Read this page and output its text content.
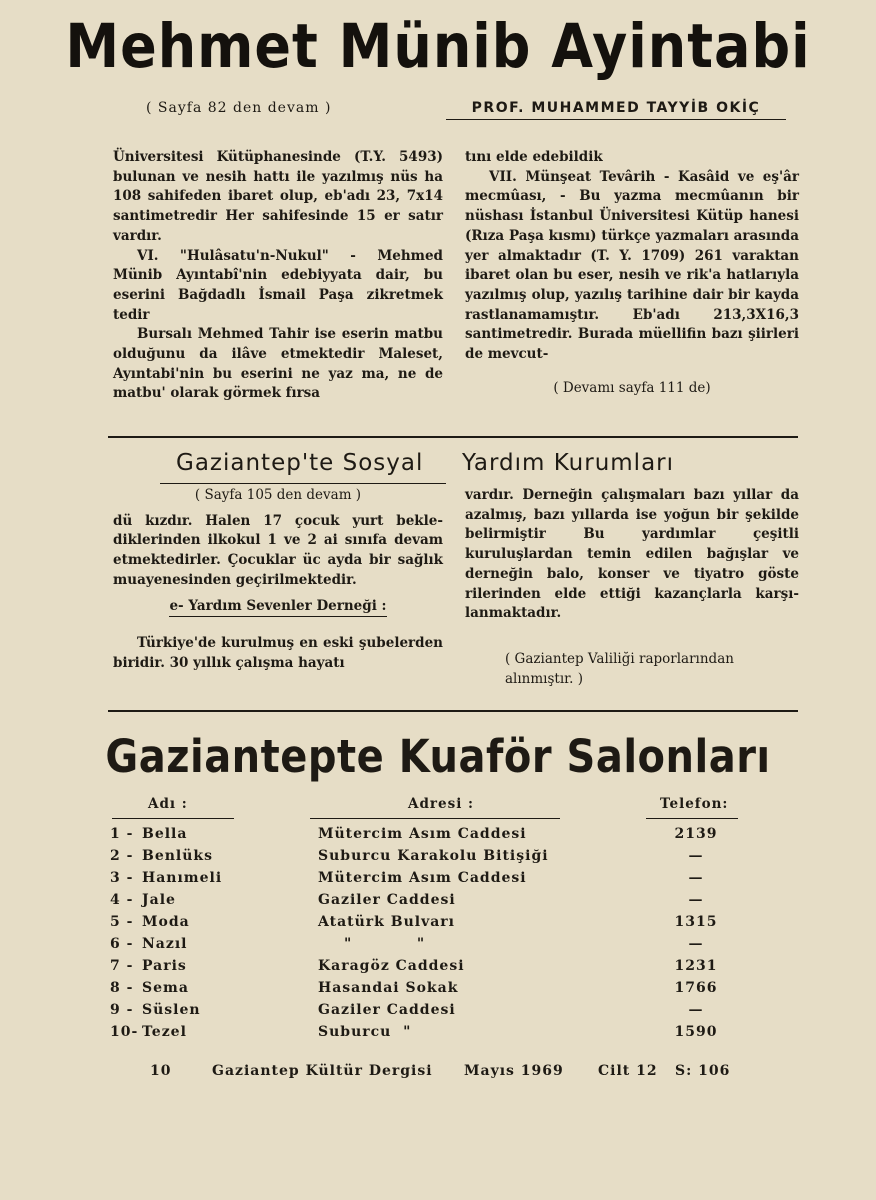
Mehmet Münib Ayintabi
( Sayfa 82 den devam )	PROF. MUHAMMED TAYYİB OKİÇ

Üniversitesi Kütüphanesinde (T.Y. 5493) bulunan ve nesih hattı ile yazılmış nüs ha 108 sahifeden ibaret olup, eb'adı 23, 7x14 santimetredir Her sahifesinde 15 er satır vardır.

VI. "Hulâsatu'n-Nukul" - Mehmed Münib Ayıntabî'nin edebiyyata dair, bu eserini Bağdadlı İsmail Paşa zikretmek tedir

Bursalı Mehmed Tahir ise eserin matbu olduğunu da ilâve etmektedir Maleset, Ayıntabi'nin bu eserini ne yaz ma, ne de matbu' olarak görmek fırsa

tını elde edebildik

VII. Münşeat Tevârih - Kasâid ve eş'âr mecmûası, - Bu yazma mecmûanın bir nüshası İstanbul Üniversitesi Kütüp hanesi (Rıza Paşa kısmı) türkçe yazmaları arasında yer almaktadır (T. Y. 1709) 261 varaktan ibaret olan bu eser, nesih ve rik'a hatlarıyla yazılmış olup, yazılış tarihine dair bir kayda rastlanamamıştır. Eb'adı 213,3X16,3 santimetredir. Burada müellifin bazı şiirleri de mevcut-

( Devamı sayfa 111 de)

Gaziantep'te Sosyal Yardım Kurumları

( Sayfa 105 den devam )

dü kızdır. Halen 17 çocuk yurt beklediklerinden ilkokul 1 ve 2 ai sınıfa devam etmektedirler. Çocuklar üc ayda bir sağlık muayenesinden geçirilmektedir.

e- Yardım Sevenler Derneği :

Türkiye'de kurulmuş en eski şubelerden biridir. 30 yıllık çalışma hayatı

vardır. Derneğin çalışmaları bazı yıllar da azalmış, bazı yıllarda ise yoğun bir şekilde belirmiştir Bu yardımlar çeşitli kuruluşlardan temin edilen bağışlar ve derneğin balo, konser ve tiyatro göste rilerinden elde ettiği kazançlarla karşılanmaktadır.

( Gaziantep Valiliği raporlarından alınmıştır. )

Gaziantepte Kuaför Salonları
Adı :	Adresi :	Telefon:
1 - Bella	Mütercim Asım Caddesi	2139
2 - Benlüks	Suburcu Karakolu Bitişiği	—
3 - Hanımeli	Mütercim Asım Caddesi	—
4 - Jale	Gaziler Caddesi	—
5 - Moda	Atatürk Bulvarı	1315
6 - Nazıl	"           "	—
7 - Paris	Karagöz Caddesi	1231
8 - Sema	Hasandai Sokak	1766
9 - Süslen	Gaziler Caddesi	—
10- Tezel	Suburcu  "	1590
10	Gaziantep Kültür Dergisi Mayıs 1969 Cilt 12 S: 106
